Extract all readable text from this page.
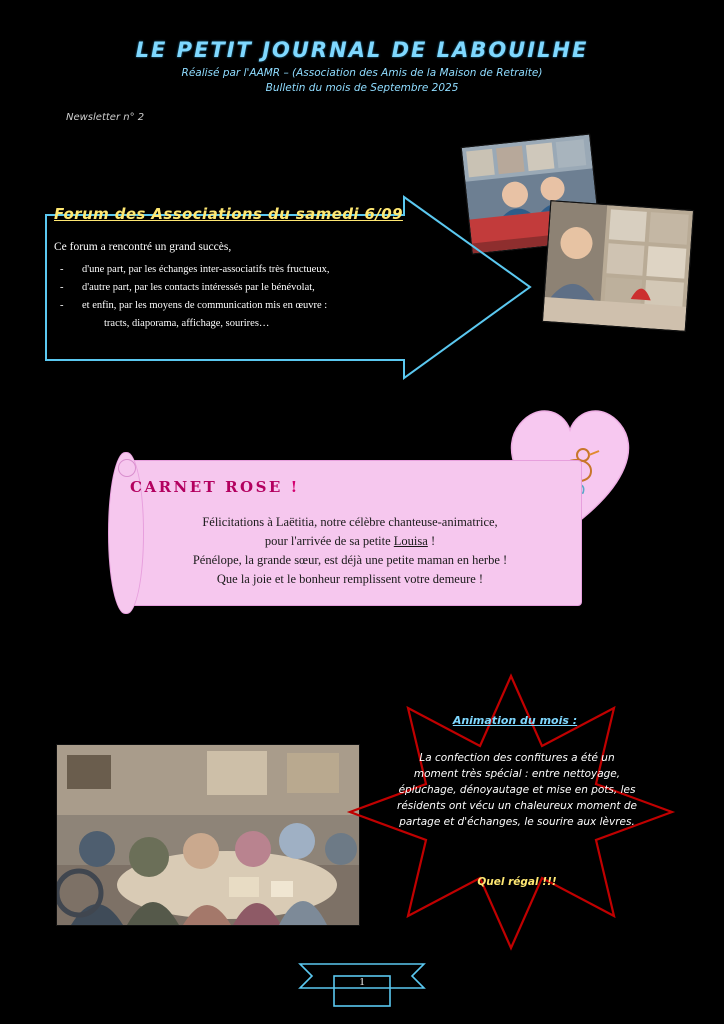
LE PETIT JOURNAL DE LABOUILHE
Réalisé par l'AAMR – (Association des Amis de la Maison de Retraite)
Bulletin du mois de Septembre 2025
Newsletter n° 2
Forum des Associations du samedi 6/09
Ce forum a rencontré un grand succès,
- d'une part, par les échanges inter-associatifs très fructueux,
- d'autre part, par les contacts intéressés par le bénévolat,
- et enfin, par les moyens de communication mis en œuvre :
tracts, diaporama, affichage, sourires…
CARNET ROSE !
Félicitations à Laëtitia, notre célèbre chanteuse-animatrice,
pour l'arrivée de sa petite Louisa !
Pénélope, la grande sœur, est déjà une petite maman en herbe !
Que la joie et le bonheur remplissent votre demeure !
Animation du mois :
La confection des confitures a été un moment très spécial : entre nettoyage, épluchage, dénoyautage et mise en pots, les résidents ont vécu un chaleureux moment de partage et d'échanges, le sourire aux lèvres.
Quel régal !!!
1
